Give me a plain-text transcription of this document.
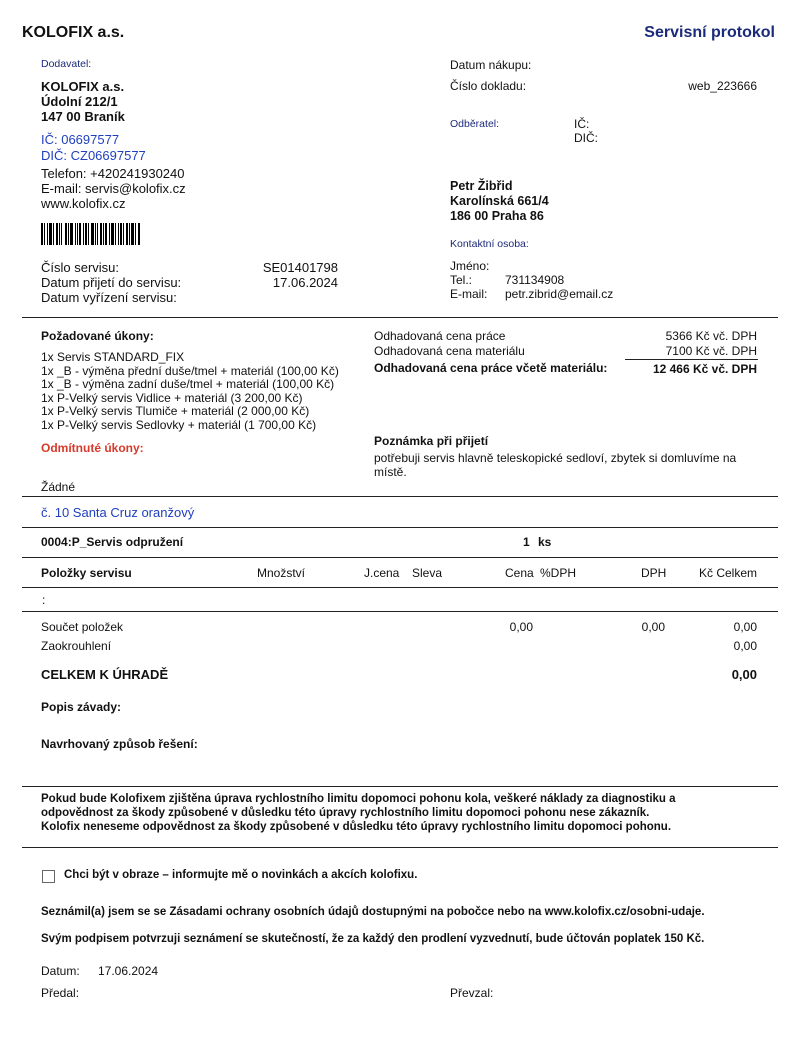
KOLOFIX a.s.	Servisní protokol
Dodavatel:
KOLOFIX a.s.
Údolní 212/1
147 00 Braník
IČ: 06697577
DIČ: CZ06697577
Telefon: +420241930240
E-mail: servis@kolofix.cz
www.kolofix.cz
Číslo servisu:	SE01401798
Datum přijetí do servisu:	17.06.2024
Datum vyřízení servisu:
Datum nákupu:
Číslo dokladu:	web_223666
Odběratel:	IČ:
DIČ:
Petr Žibřid
Karolínská 661/4
186 00 Praha 86
Kontaktní osoba:
Jméno:
Tel.:	731134908
E-mail: petr.zibrid@email.cz
Požadované úkony:
1x Servis STANDARD_FIX
1x _B - výměna přední duše/tmel + materiál (100,00 Kč)
1x _B - výměna zadní duše/tmel + materiál (100,00 Kč)
1x P-Velký servis Vidlice + materiál (3 200,00 Kč)
1x P-Velký servis Tlumiče + materiál (2 000,00 Kč)
1x P-Velký servis Sedlovky + materiál (1 700,00 Kč)
Odmítnuté úkony:
Žádné
Odhadovaná cena práce	5366 Kč vč. DPH
Odhadovaná cena materiálu	7100 Kč vč. DPH
Odhadovaná cena práce včetě materiálu:	12 466 Kč vč. DPH
Poznámka při přijetí
potřebuji servis hlavně teleskopické sedloví, zbytek si domluvíme na
místě.
č. 10 Santa Cruz oranžový
0004:P_Servis odpružení	1 ks
Položky servisu	Množství	J.cena Sleva	Cena %DPH	DPH	Kč Celkem
:
Součet položek	0,00	0,00	0,00
Zaokrouhlení	0,00
CELKEM K ÚHRADĚ	0,00
Popis závady:
Navrhovaný způsob řešení:
Pokud bude Kolofixem zjištěna úprava rychlostního limitu dopomoci pohonu kola, veškeré náklady za diagnostiku a
odpovědnost za škody způsobené v důsledku této úpravy rychlostního limitu dopomoci pohonu nese zákazník.
Kolofix neneseme odpovědnost za škody způsobené v důsledku této úpravy rychlostního limitu dopomoci pohonu.
Chci být v obraze – informujte mě o novinkách a akcích kolofixu.
Seznámil(a) jsem se se Zásadami ochrany osobních údajů dostupnými na pobočce nebo na www.kolofix.cz/osobni-udaje.
Svým podpisem potvrzuji seznámení se skutečností, že za každý den prodlení vyzvednutí, bude účtován poplatek 150 Kč.
Datum: 17.06.2024
Předal:	Převzal:
